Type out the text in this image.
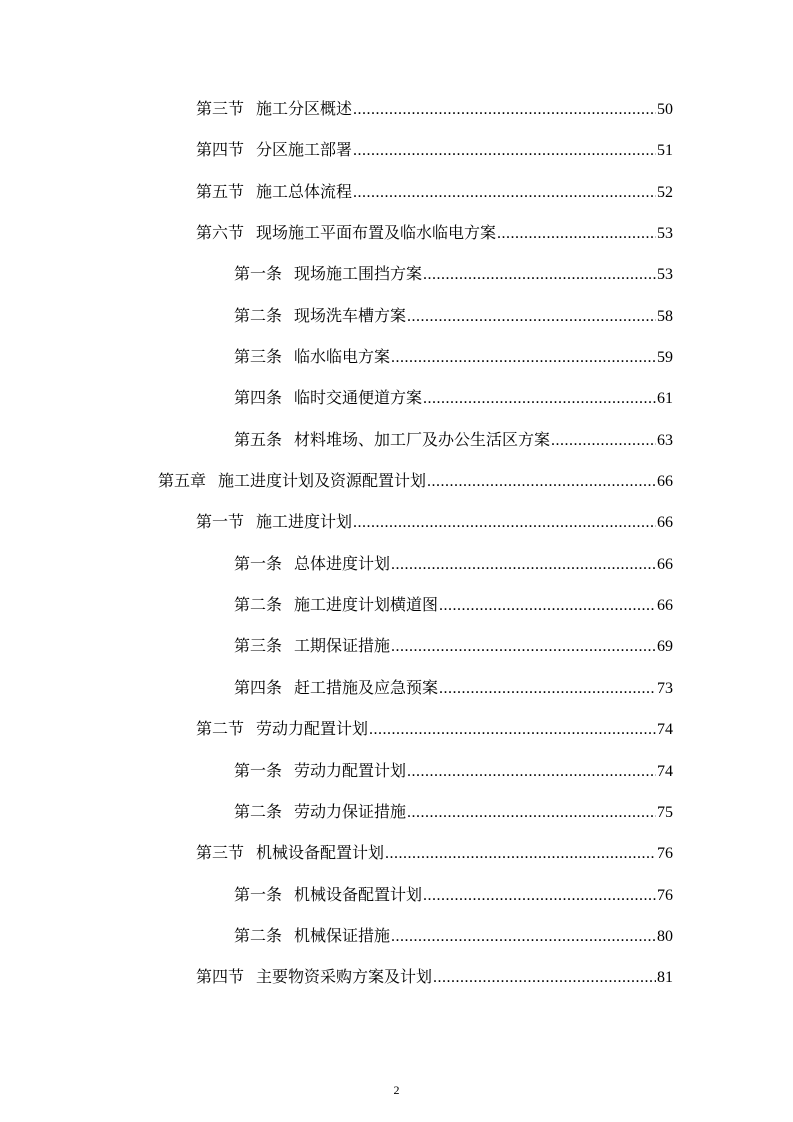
第三节 施工分区概述 .....	50
第四节 分区施工部署 .....	51
第五节 施工总体流程 .....	52
第六节 现场施工平面布置及临水临电方案 .....	53
第一条 现场施工围挡方案 .....	53
第二条 现场洗车槽方案 .....	58
第三条 临水临电方案 .....	59
第四条 临时交通便道方案 .....	61
第五条 材料堆场、加工厂及办公生活区方案 .....	63
第五章 施工进度计划及资源配置计划 .....	66
第一节 施工进度计划 .....	66
第一条 总体进度计划 .....	66
第二条 施工进度计划横道图 .....	66
第三条 工期保证措施 .....	69
第四条 赶工措施及应急预案 .....	73
第二节 劳动力配置计划 .....	74
第一条 劳动力配置计划 .....	74
第二条 劳动力保证措施 .....	75
第三节 机械设备配置计划 .....	76
第一条 机械设备配置计划 .....	76
第二条 机械保证措施 .....	80
第四节 主要物资采购方案及计划 .....	81
2
